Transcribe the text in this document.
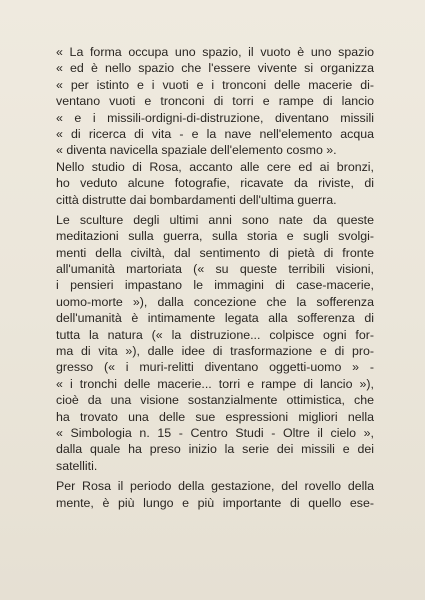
« La forma occupa uno spazio, il vuoto è uno spazio
« ed è nello spazio che l'essere vivente si organizza
« per istinto e i vuoti e i tronconi delle macerie di-
ventano vuoti e tronconi di torri e rampe di lancio
« e i missili-ordigni-di-distruzione, diventano missili
« di ricerca di vita - e la nave nell'elemento acqua
« diventa navicella spaziale dell'elemento cosmo ».
Nello studio di Rosa, accanto alle cere ed ai bronzi,
ho veduto alcune fotografie, ricavate da riviste, di
città distrutte dai bombardamenti dell'ultima guerra.
Le sculture degli ultimi anni sono nate da queste
meditazioni sulla guerra, sulla storia e sugli svolgi-
menti della civiltà, dal sentimento di pietà di fronte
all'umanità martoriata (« su queste terribili visioni,
i pensieri impastano le immagini di case-macerie,
uomo-morte »), dalla concezione che la sofferenza
dell'umanità è intimamente legata alla sofferenza di
tutta la natura (« la distruzione... colpisce ogni for-
ma di vita »), dalle idee di trasformazione e di pro-
gresso (« i muri-relitti diventano oggetti-uomo » -
« i tronchi delle macerie... torri e rampe di lancio »),
cioè da una visione sostanzialmente ottimistica, che
ha trovato una delle sue espressioni migliori nella
« Simbologia n. 15 - Centro Studi - Oltre il cielo »,
dalla quale ha preso inizio la serie dei missili e dei
satelliti.
Per Rosa il periodo della gestazione, del rovello della
mente, è più lungo e più importante di quello ese-
